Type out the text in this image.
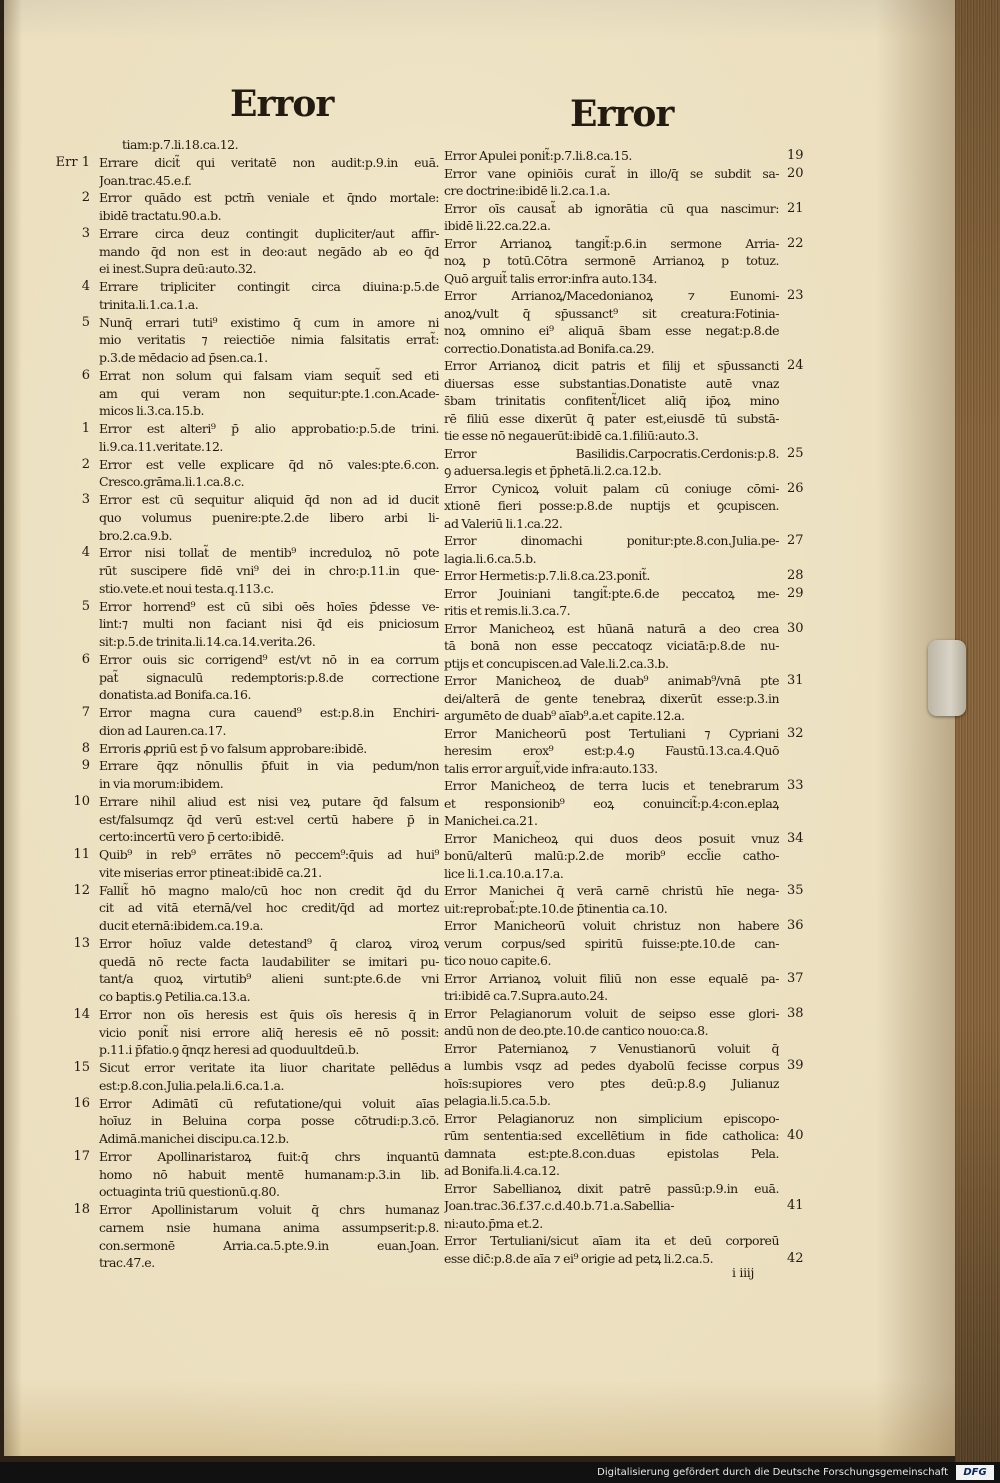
Error	Error
tiam:p.7.li.18.ca.12.
Err 1 Errare dicit̃ qui veritatē non audit:p.9.in euā.
Joan.trac.45.e.f.
2 Error quādo est pctm̄ veniale et q̄ndo mortale:
ibidē tractatu.90.a.b.
3 Errare circa deuz contingit dupliciter/aut affir-
mando q̄d non est in deo:aut negādo ab eo q̄d
ei inest.Supra deū:auto.32.
4 Errare tripliciter contingit circa diuina:p.5.de
trinita.li.1.ca.1.a.
5 Nunq̄ errari tuti⁹ existimo q̄ cum in amore ni
mio veritatis ⁊ reiectiōe nimia falsitatis errat̃:
p.3.de mēdacio ad p̄sen.ca.1.
6 Errat non solum qui falsam viam sequit̃ sed eti
am qui veram non sequitur:pte.1.con.Acade-
micos li.3.ca.15.b.
1 Error est alteri⁹ p̄ alio approbatio:p.5.de trini.
li.9.ca.11.veritate.12.
2 Error est velle explicare q̄d nō vales:pte.6.con.
Cresco.grāma.li.1.ca.8.c.
3 Error est cū sequitur aliquid q̄d non ad id ducit
quo volumus puenire:pte.2.de libero arbi li-
bro.2.ca.9.b.
4 Error nisi tollat̃ de mentib⁹ increduloꝝ nō pote
rūt suscipere fidē vni⁹ dei in chro:p.11.in que-
stio.vete.et noui testa.q.113.c.
5 Error horrend⁹ est cū sibi oēs hoīes p̄desse ve-
lint:⁊ multi non faciant nisi q̄d eis pniciosum
sit:p.5.de trinita.li.14.ca.14.verita.26.
6 Error ouis sic corrigend⁹ est/vt nō in ea corrum
pat̃ signaculū redemptoris:p.8.de correctione
donatista.ad Bonifa.ca.16.
7 Error magna cura cauend⁹ est:p.8.in Enchiri-
dion ad Lauren.ca.17.
8 Erroris ꝓpriū est p̄ vo falsum approbare:ibidē.
9 Errare q̄qz nōnullis p̄fuit in via pedum/non
in via morum:ibidem.
10 Errare nihil aliud est nisi veꝝ putare q̄d falsum
est/falsumqz q̄d verū est:vel certū habere p̄ in
certo:incertū vero p̄ certo:ibidē.
11 Quib⁹ in reb⁹ errātes nō peccem⁹:q̄uis ad hui⁹
vite miserias error ptineat:ibidē ca.21.
12 Fallit̃ hō magno malo/cū hoc non credit q̄d du
cit ad vitā eternā/vel hoc credit/q̄d ad mortez
ducit eternā:ibidem.ca.19.a.
13 Error hoīuz valde detestand⁹ q̄ claroꝝ viroꝝ
quedā nō recte facta laudabiliter se imitari pu-
tant/a quoꝝ virtutib⁹ alieni sunt:pte.6.de vni
co baptis.ꝯ Petilia.ca.13.a.
14 Error non oīs heresis est q̄uis oīs heresis q̄ in
vicio ponit̃ nisi errore aliq̄ heresis eē nō possit:
p.11.i p̄fatio.ꝯ q̄nqz heresi ad quoduultdeū.b.
15 Sicut error veritate ita liuor charitate pellēdus
est:p.8.con.Julia.pela.li.6.ca.1.a.
16 Error Adimātī cū refutatione/qui voluit aīas
hoīuz in Beluina corpa posse cōtrudi:p.3.cō.
Adimā.manichei discipu.ca.12.b.
17 Error Apollinaristaroꝝ fuit:q̄ chrs inquantū
homo nō habuit mentē humanam:p.3.in lib.
octuaginta triū questionū.q.80.
18 Error Apollinistarum voluit q̄ chrs humanaz
carnem nsie humana anima assumpserit:p.8.
con.sermonē Arria.ca.5.pte.9.in euan.Joan.
trac.47.e.
19
Error Apulei ponit̃:p.7.li.8.ca.15.
20
Error vane opiniōis curat̃ in illo/q̄ se subdit sa-
cre doctrine:ibidē li.2.ca.1.a.
21
Error oīs causat̃ ab ignorātia cū qua nascimur:
ibidē li.22.ca.22.a.
22
Error Arrianoꝝ tangit̃:p.6.in sermone Arria-
noꝝ p totū.Cōtra sermonē Arrianoꝝ p totuz.
Quō arguit̃ talis error:infra auto.134.
23
Error Arrianoꝝ/Macedonianoꝝ ⁊ Eunomi-
anoꝝ/vult q̄ sp̄ussanct⁹ sit creatura:Fotinia-
noꝝ omnino ei⁹ aliquā s̄bam esse negat:p.8.de
correctio.Donatista.ad Bonifa.ca.29.
24
Error Arrianoꝝ dicit patris et filij et sp̄ussancti
diuersas esse substantias.Donatiste autē vnaz
s̄bam trinitatis confitent̃/licet aliq̄ ip̄oꝝ mino
rē filiū esse dixerūt q̄ pater est,eiusdē tū substā-
tie esse nō negauerūt:ibidē ca.1.filiū:auto.3.
25
Error Basilidis.Carpocratis.Cerdonis:p.8.
ꝯ aduersa.legis et p̄phetā.li.2.ca.12.b.
26
Error Cynicoꝝ voluit palam cū coniuge cōmi-
xtionē fieri posse:p.8.de nuptijs et ꝯcupiscen.
ad Valeriū li.1.ca.22.
27
Error dinomachi ponitur:pte.8.con.Julia.pe-
lagia.li.6.ca.5.b.
28
Error Hermetis:p.7.li.8.ca.23.ponit̃.
29
Error Jouiniani tangit̃:pte.6.de peccatoꝝ me-
ritis et remis.li.3.ca.7.
30
Error Manicheoꝝ est hūanā naturā a deo crea
tā bonā non esse peccatoqz viciatā:p.8.de nu-
ptijs et concupiscen.ad Vale.li.2.ca.3.b.
31
Error Manicheoꝝ de duab⁹ animab⁹/vnā pte
dei/alterā de gente tenebraꝝ dixerūt esse:p.3.in
argumēto de duab⁹ aīab⁹.a.et capite.12.a.
32
Error Manicheorū post Tertuliani ⁊ Cypriani
heresim erox⁹ est:p.4.ꝯ Faustū.13.ca.4.Quō
talis error arguit̃,vide infra:auto.133.
33
Error Manicheoꝝ de terra lucis et tenebrarum
et responsionib⁹ eoꝝ conuincit̃:p.4:con.eplaꝝ
Manichei.ca.21.
34
Error Manicheoꝝ qui duos deos posuit vnuz
bonū/alterū malū:p.2.de morib⁹ eccl̄ie catho-
lice li.1.ca.10.a.17.a.
35
Error Manichei q̄ verā carnē christū hīe nega-
uit:reprobat̃:pte.10.de p̄tinentia ca.10.
36
Error Manicheorū voluit christuz non habere
verum corpus/sed spiritū fuisse:pte.10.de can-
tico nouo capite.6.
37
Error Arrianoꝝ voluit filiū non esse equalē pa-
tri:ibidē ca.7.Supra.auto.24.
38
Error Pelagianorum voluit de seipso esse glori-
andū non de deo.pte.10.de cantico nouo:ca.8.
Error Paternianoꝝ ⁊ Venustianorū voluit q̄
39
a lumbis vsqz ad pedes dyabolū fecisse corpus
hoīs:supiores vero ptes deū:p.8.ꝯ Julianuz
pelagia.li.5.ca.5.b.
Error Pelagianoruz non simplicium episcopo-
40
rūm sententia:sed excellētium in fide catholica:
damnata est:pte.8.con.duas epistolas Pela.
ad Bonifa.li.4.ca.12.
Error Sabellianoꝝ dixit patrē passū:p.9.in euā.
41
Joan.trac.36.f.37.c.d.40.b.71.a.Sabellia-
ni:auto.p̄ma et.2.
Error Tertuliani/sicut aīam ita et deū corporeū
42
esse dic̄:p.8.de aīa ⁊ ei⁹ origie ad petꝝ li.2.ca.5.
i iiij
Digitalisierung gefördert durch die Deutsche Forschungsgemeinschaft	DFG
